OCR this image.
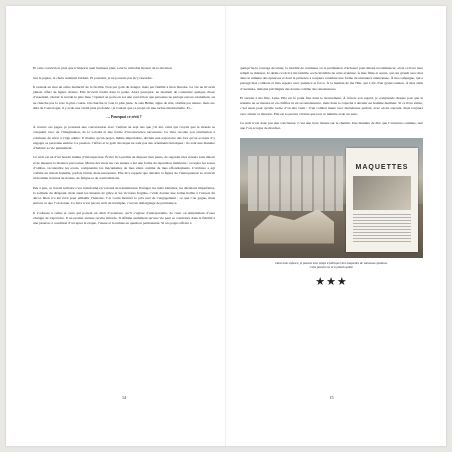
Et cette conviction, plus que n’importe quel business plan, a été le véritable moteur de la décision.

Sur le papier, le choix semblait évident. Et pourtant, je ne pouvais pas m’y résoudre.

Il existait en moi un refus instinctif de la facilité. Non par goût du danger, mais par fidélité à mon histoire. La vie ne m’avait jamais offert de lignes droites. Elle m’avait formé dans la pente. Alors pourquoi, au moment de construire quelque chose d’essentiel, choisir le terrain le plus lisse ? Quand on porte en soi une conviction que personne ne partage encore totalement, on ne cherche pas la voie la plus courte. On cherche la voie la plus juste. Je suis Bélier, signe de tête, obstiné par nature, mais au-delà de l’astrologie, il y avait une vérité plus profonde : je voulais que ce projet ait une racine émotionnelle. Et...

… Pourquoi ce récit ?

À travers ces pages, je poursuis une conversation avec l’enfant de sept ans que j’ai été, celui qui croyait que le monde se conquiert avec de l’imagination, de la volonté et une forme d’inconscience nécessaire. Ce livre raconte son obstination à continuer de rêver à l’âge adulte. Il montre qu’un projet, même improbable, devient une trajectoire dès lors qu’on accepte d’y engager sa personne entière. La passion, l’effort et le goût du risque ne sont pas des ornements héroïques : ils sont une manière d’habiter sa vie pleinement.

Ce récit est né d’un besoin intime d’introspection. Écrire m’a permis de déposer mes peurs, de regarder mes erreurs sans détour et de mesurer la distance parcourue. Mettre des mots sur ces années a été une forme de réparation intérieure : accepter les zones d’ombre, reconnaître les excès, comprendre les mécanismes de mes élans comme de mes effondrements. L’écriture a agi comme un miroir honnête, parfois brutal, mais nécessaire. Elle m’a rappelé que derrière la figure de l’entrepreneur se trouvait un homme traversé de doutes, de fatigue et de contradictions.

Peu à peu, ce travail solitaire s’est transformé en volonté de transmission. Partager les nuits blanches, les décisions imparfaites, la solitude du dirigeant, mais aussi les instants de grâce et les victoires fragiles, c’était donner une forme lisible à l’envers du décor. Rien n’a été écrit pour embellir l’histoire. J’ai voulu montrer le prix réel de l’engagement : ce que l’on gagne, mais surtout ce que l’on donne. Ce livre n’est pas un récit de triomphe, c’est un témoignage de persistance.

Il s’adresse à celles et ceux qui portent un désir d’aventure, qu’il s’agisse d’entreprendre, de créer ou simplement d’oser changer de trajectoire. Il ne promet aucune recette miracle. Il affirme seulement qu’une vie peut se construire dans la fidélité à une passion, à condition d’accepter le risque, l’usure et la remise en question permanente. Si ces pages offrent à

14

quelqu’un le courage de tenter, la lucidité de continuer ou la permission d’échouer pour mieux recommencer, alors ce livre aura rempli sa mission. Je dédie ce récit à ma famille, socle invisible de cette aventure. À mes filles et sœurs, qui ont grandi avec moi dans le tumulte des épreuves et dont la présence a toujours constitué une forme de résistance silencieuse. À ma compagne, qui a partagé mes combats et mes espoirs avec patience et force. À la maman de ma fille, qui a été d’un grand soutien. À mes amis d’aventure, témoins privilégiés des doutes comme des renaissances.

Et surtout à ma fille, Léna. Elle est le point fixe dans le mouvement. À travers son regard, je comprends chaque jour que la réussite ne se mesure ni en chiffres ni en reconnaissance, mais dans la capacité à devenir un homme meilleur. Si ce livre existe, c’est aussi pour qu’elle sache d’où elle vient : d’un combat mené avec maladresse parfois, avec excès souvent, mais toujours avec amour et ténacité. Elle est la preuve vivante que tout ce tumulte avait un sens.

Ce récit n’est donc pas une conclusion. C’est une trace laissée sur le chemin. Une manière de dire que l’aventure continue, tant que l’on accepte de marcher.

MAQUETTES
Dans mon enfance, je passais mon temps à fabriquer des maquettes de vaisseaux spatiaux.
Cette passion ne m’a jamais quitté.
★★★
15
